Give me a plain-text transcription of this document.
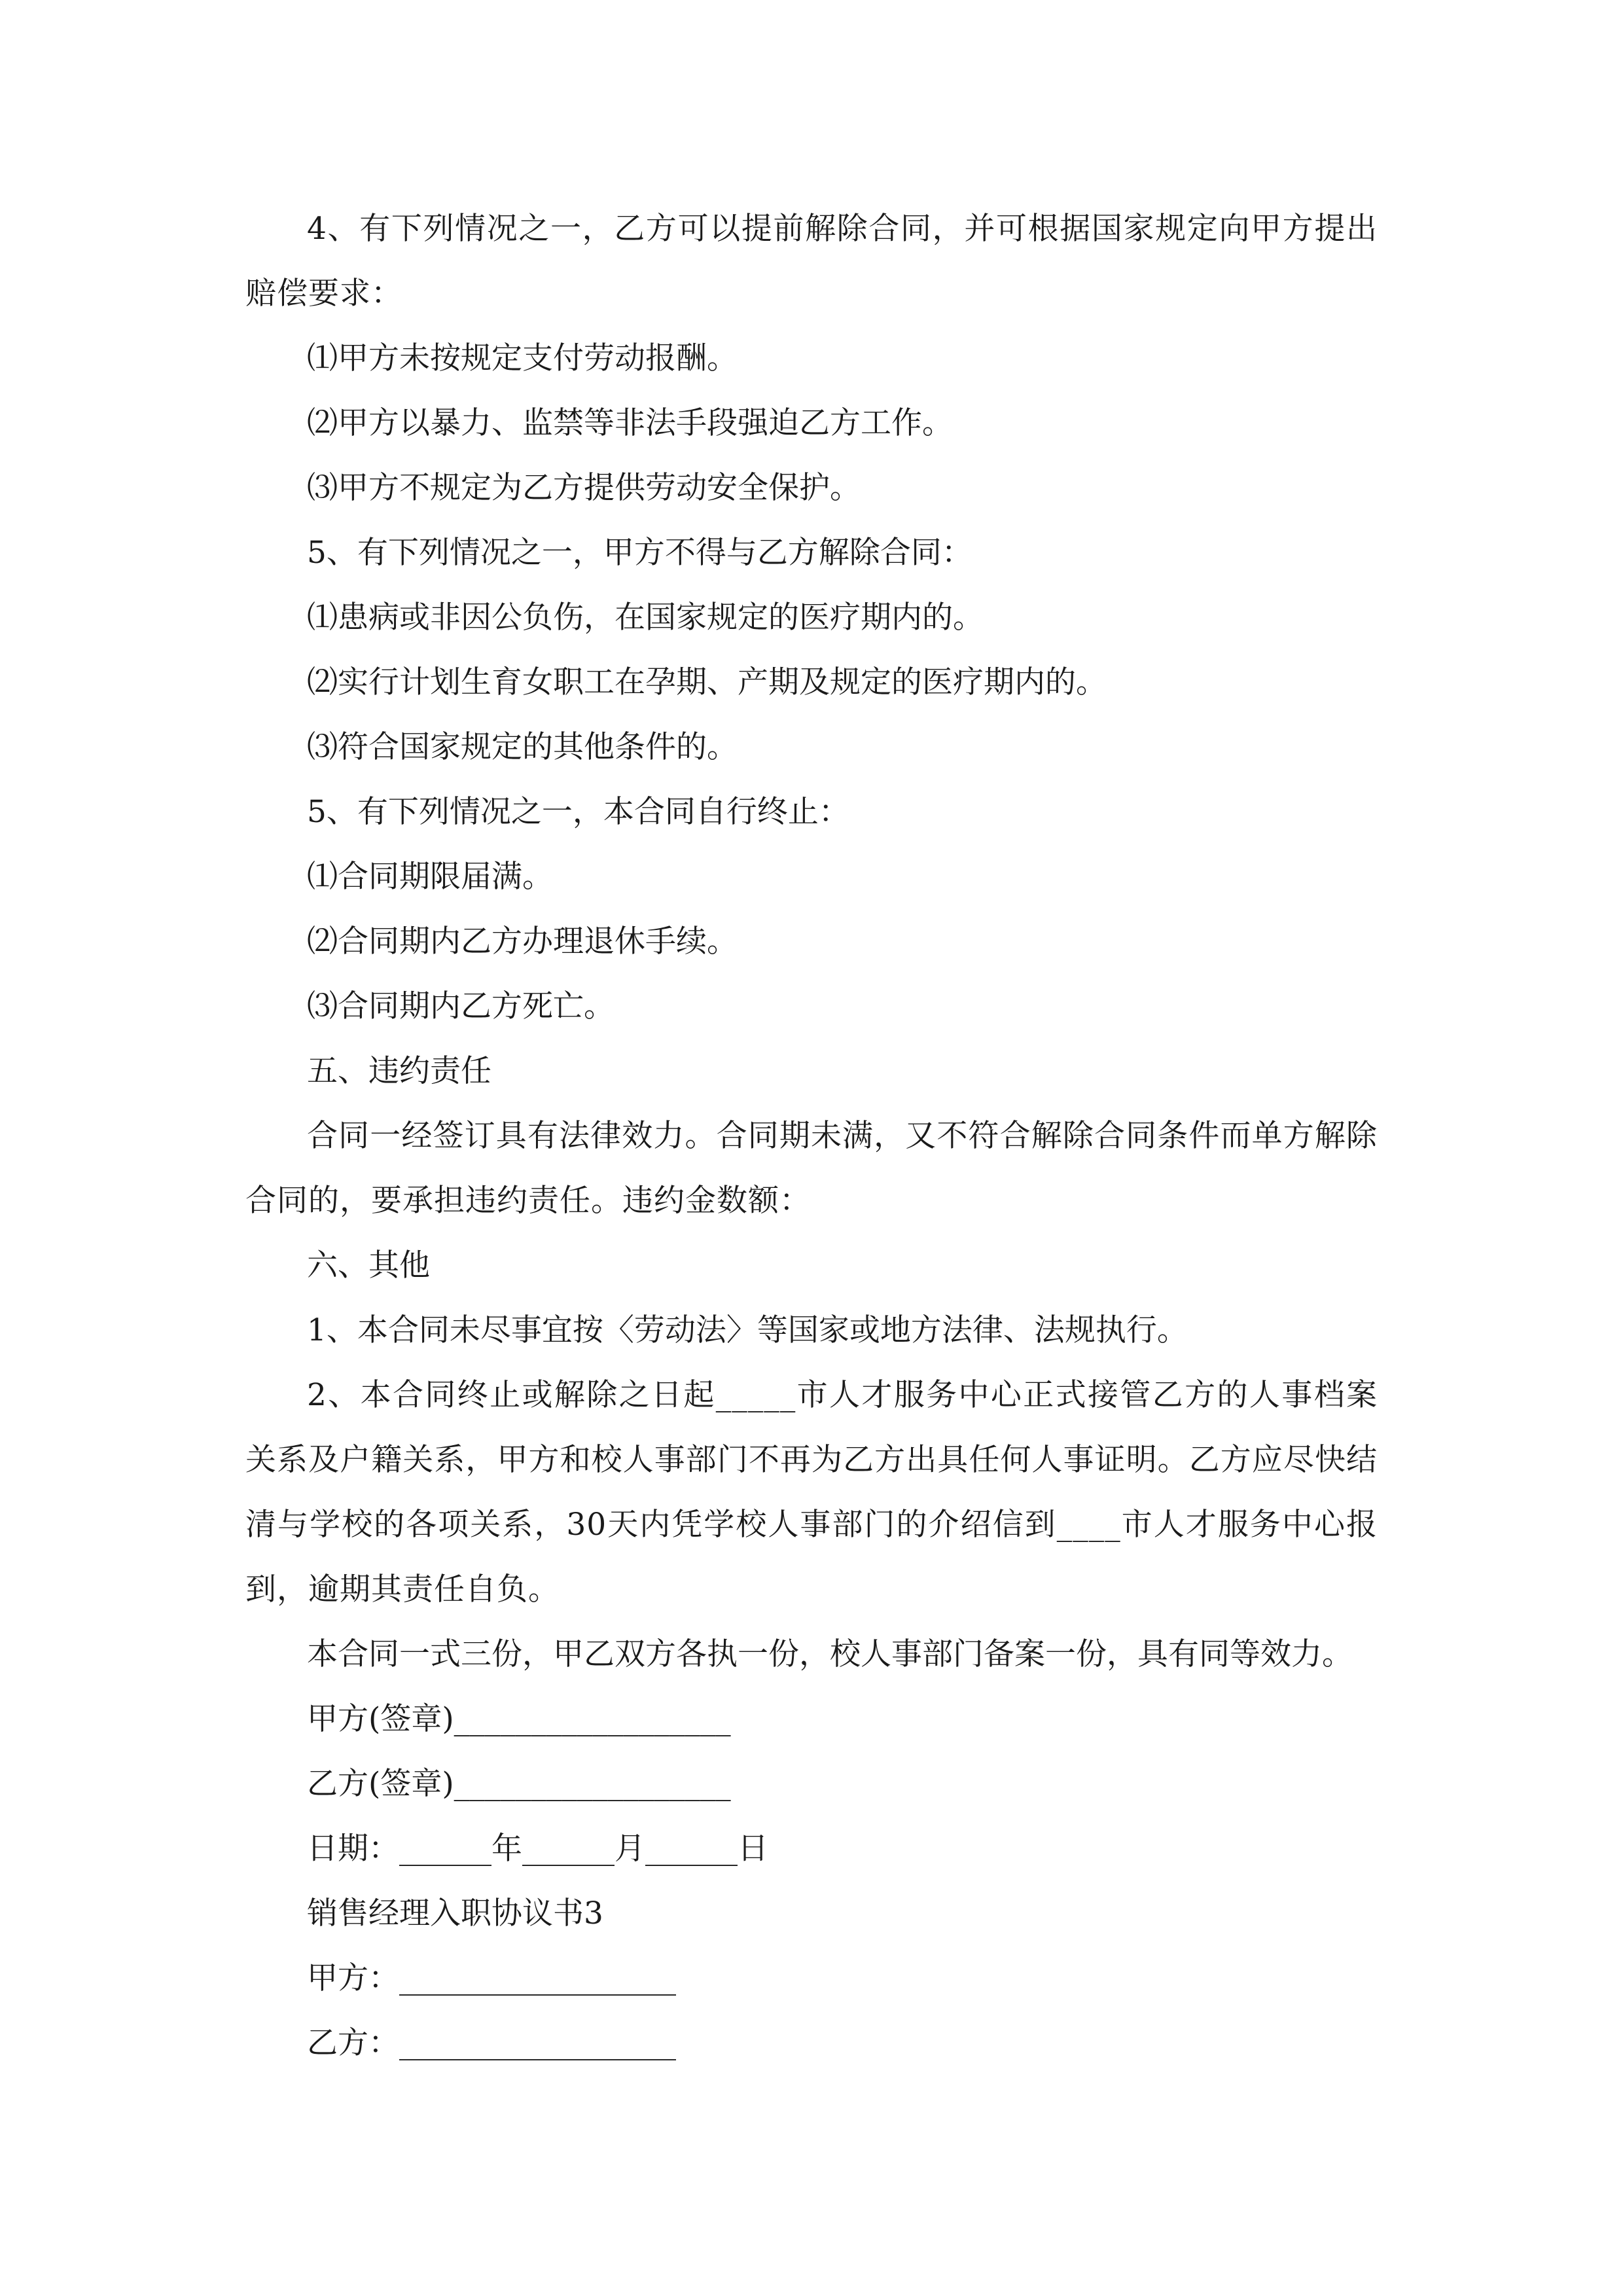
4、有下列情况之一，乙方可以提前解除合同，并可根据国家规定向甲方提出赔偿要求：

⑴甲方未按规定支付劳动报酬。

⑵甲方以暴力、监禁等非法手段强迫乙方工作。

⑶甲方不规定为乙方提供劳动安全保护。

5、有下列情况之一，甲方不得与乙方解除合同：

⑴患病或非因公负伤，在国家规定的医疗期内的。

⑵实行计划生育女职工在孕期、产期及规定的医疗期内的。

⑶符合国家规定的其他条件的。

5、有下列情况之一，本合同自行终止：

⑴合同期限届满。

⑵合同期内乙方办理退休手续。

⑶合同期内乙方死亡。

五、违约责任

合同一经签订具有法律效力。合同期未满，又不符合解除合同条件而单方解除合同的，要承担违约责任。违约金数额：

六、其他

1、本合同未尽事宜按〈劳动法〉等国家或地方法律、法规执行。

2、本合同终止或解除之日起_____市人才服务中心正式接管乙方的人事档案关系及户籍关系，甲方和校人事部门不再为乙方出具任何人事证明。乙方应尽快结清与学校的各项关系，30天内凭学校人事部门的介绍信到____市人才服务中心报到，逾期其责任自负。

本合同一式三份，甲乙双方各执一份，校人事部门备案一份，具有同等效力。

甲方(签章)__________________

乙方(签章)__________________

日期：______年______月______日

销售经理入职协议书3

甲方：__________________

乙方：__________________
